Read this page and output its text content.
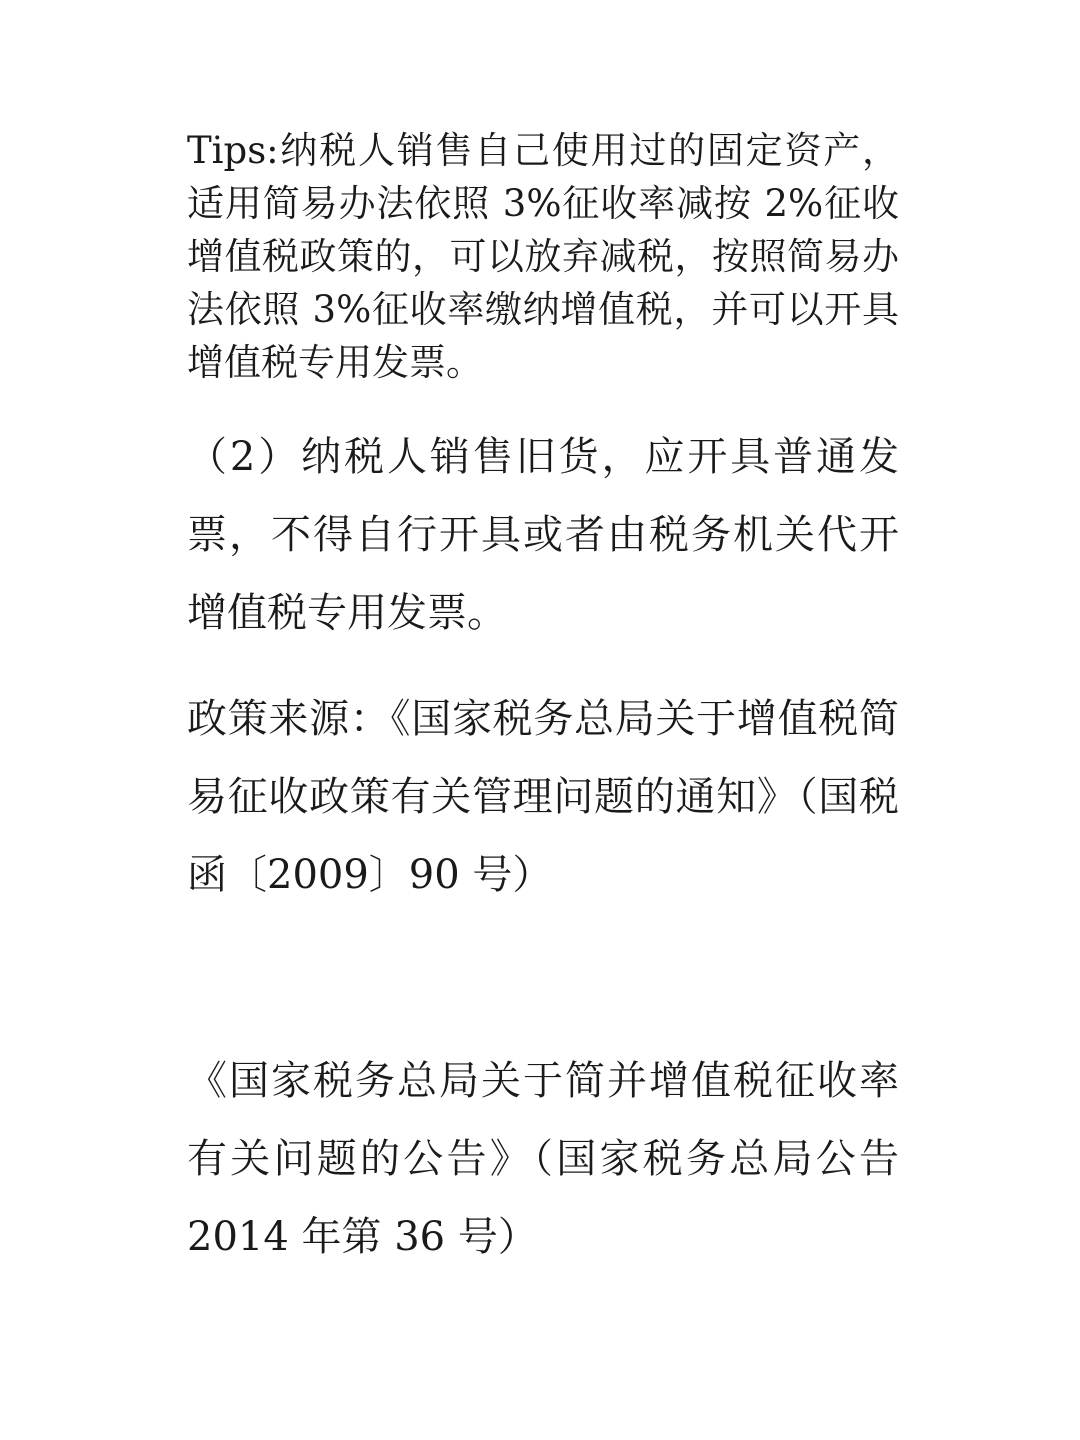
Tips:纳税人销售自己使用过的固定资产，适用简易办法依照 3%征收率减按 2%征收增值税政策的，可以放弃减税，按照简易办法依照 3%征收率缴纳增值税，并可以开具增值税专用发票。

（2）纳税人销售旧货，应开具普通发票，不得自行开具或者由税务机关代开增值税专用发票。

政策来源：《国家税务总局关于增值税简易征收政策有关管理问题的通知》（国税函〔2009〕90 号）

《国家税务总局关于简并增值税征收率有关问题的公告》（国家税务总局公告 2014 年第 36 号）
